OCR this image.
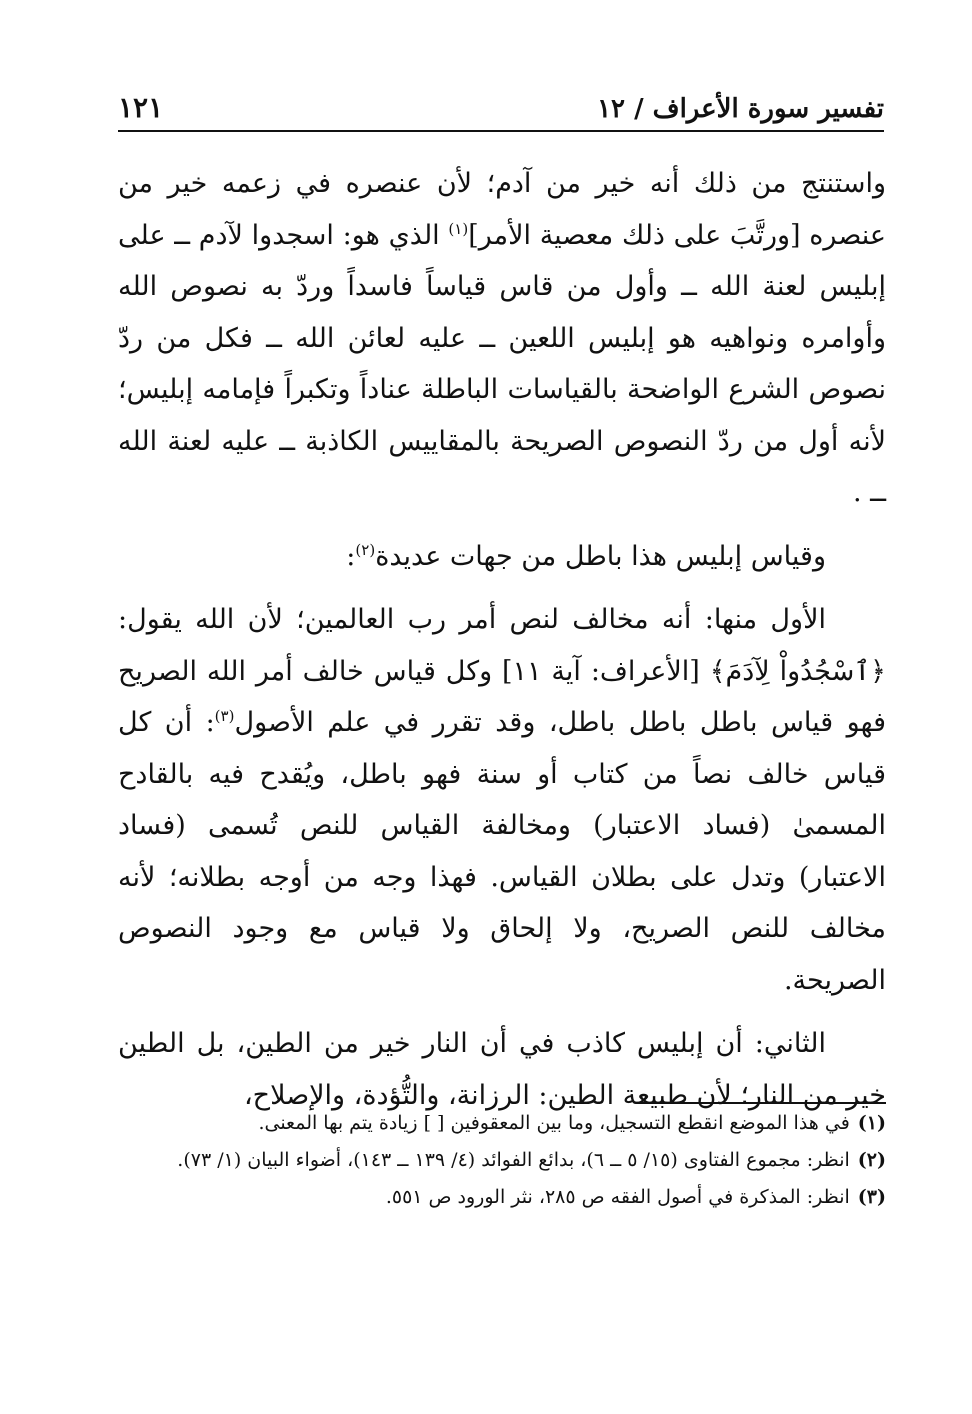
تفسير سورة الأعراف / ١٢
١٢١

واستنتج من ذلك أنه خير من آدم؛ لأن عنصره في زعمه خير من عنصره [ورتَّبَ على ذلك معصية الأمر]$^{(١)}$ الذي هو: اسجدوا لآدم ــ على إبليس لعنة الله ــ وأول من قاس قياساً فاسداً وردّ به نصوص الله وأوامره ونواهيه هو إبليس اللعين ــ عليه لعائن الله ــ فكل من ردّ نصوص الشرع الواضحة بالقياسات الباطلة عناداً وتكبراً فإمامه إبليس؛ لأنه أول من ردّ النصوص الصريحة بالمقاييس الكاذبة ــ عليه لعنة الله ــ .

وقياس إبليس هذا باطل من جهات عديدة$^{(٢)}$:

الأول منها: أنه مخالف لنص أمر رب العالمين؛ لأن الله يقول: ﴿ٱسْجُدُواْ لِآدَمَ﴾ [الأعراف: آية ١١] وكل قياس خالف أمر الله الصريح فهو قياس باطل باطل باطل، وقد تقرر في علم الأصول$^{(٣)}$: أن كل قياس خالف نصاً من كتاب أو سنة فهو باطل، ويُقدح فيه بالقادح المسمىٰ (فساد الاعتبار) ومخالفة القياس للنص تُسمى (فساد الاعتبار) وتدل على بطلان القياس. فهذا وجه من أوجه بطلانه؛ لأنه مخالف للنص الصريح، ولا إلحاق ولا قياس مع وجود النصوص الصريحة.

الثاني: أن إبليس كاذب في أن النار خير من الطين، بل الطين خير من النار؛ لأن طبيعة الطين: الرزانة، والتُّؤدة، والإصلاح،

(١)
في هذا الموضع انقطع التسجيل، وما بين المعقوفين [ ] زيادة يتم بها المعنى.
(٢)
انظر: مجموع الفتاوى (١٥/ ٥ ــ ٦)، بدائع الفوائد (٤/ ١٣٩ ــ ١٤٣)، أضواء البيان (١/ ٧٣).
(٣)
انظر: المذكرة في أصول الفقه ص ٢٨٥، نثر الورود ص ٥٥١.
